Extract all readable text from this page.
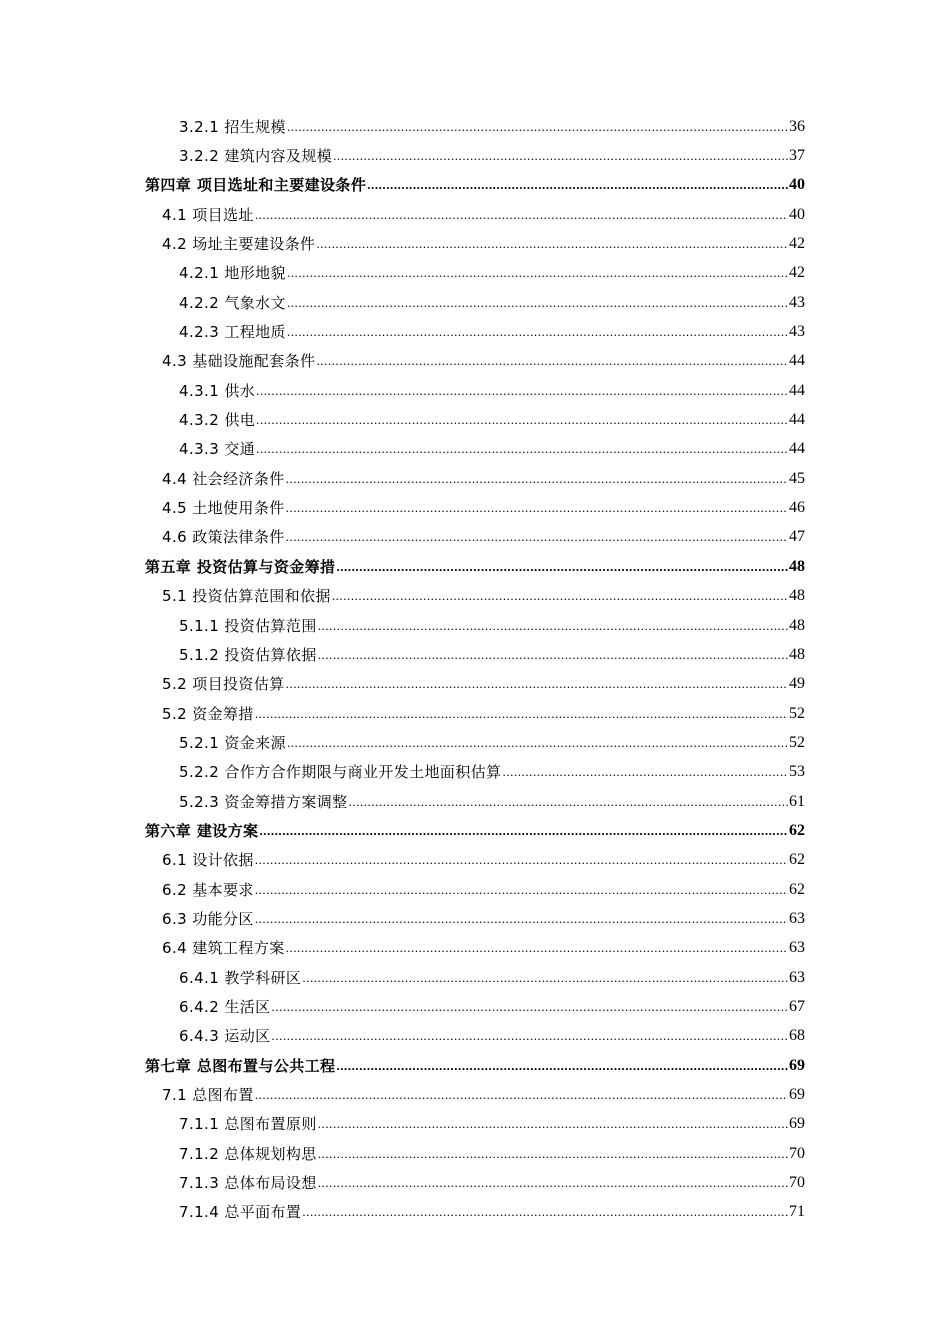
3.2.1 招生规模 .....	36
3.2.2 建筑内容及规模 .....	37
第四章 项目选址和主要建设条件 .....	40
4.1 项目选址 .....	40
4.2 场址主要建设条件 .....	42
4.2.1 地形地貌 .....	42
4.2.2 气象水文 .....	43
4.2.3 工程地质 .....	43
4.3 基础设施配套条件 .....	44
4.3.1 供水 .....	44
4.3.2 供电 .....	44
4.3.3 交通 .....	44
4.4 社会经济条件 .....	45
4.5 土地使用条件 .....	46
4.6 政策法律条件 .....	47
第五章 投资估算与资金筹措 .....	48
5.1 投资估算范围和依据 .....	48
5.1.1 投资估算范围 .....	48
5.1.2 投资估算依据 .....	48
5.2 项目投资估算 .....	49
5.2 资金筹措 .....	52
5.2.1 资金来源 .....	52
5.2.2 合作方合作期限与商业开发土地面积估算 .....	53
5.2.3 资金筹措方案调整 .....	61
第六章 建设方案 .....	62
6.1 设计依据 .....	62
6.2 基本要求 .....	62
6.3 功能分区 .....	63
6.4 建筑工程方案 .....	63
6.4.1 教学科研区 .....	63
6.4.2 生活区 .....	67
6.4.3 运动区 .....	68
第七章 总图布置与公共工程 .....	69
7.1 总图布置 .....	69
7.1.1 总图布置原则 .....	69
7.1.2 总体规划构思 .....	70
7.1.3 总体布局设想 .....	70
7.1.4 总平面布置 .....	71
